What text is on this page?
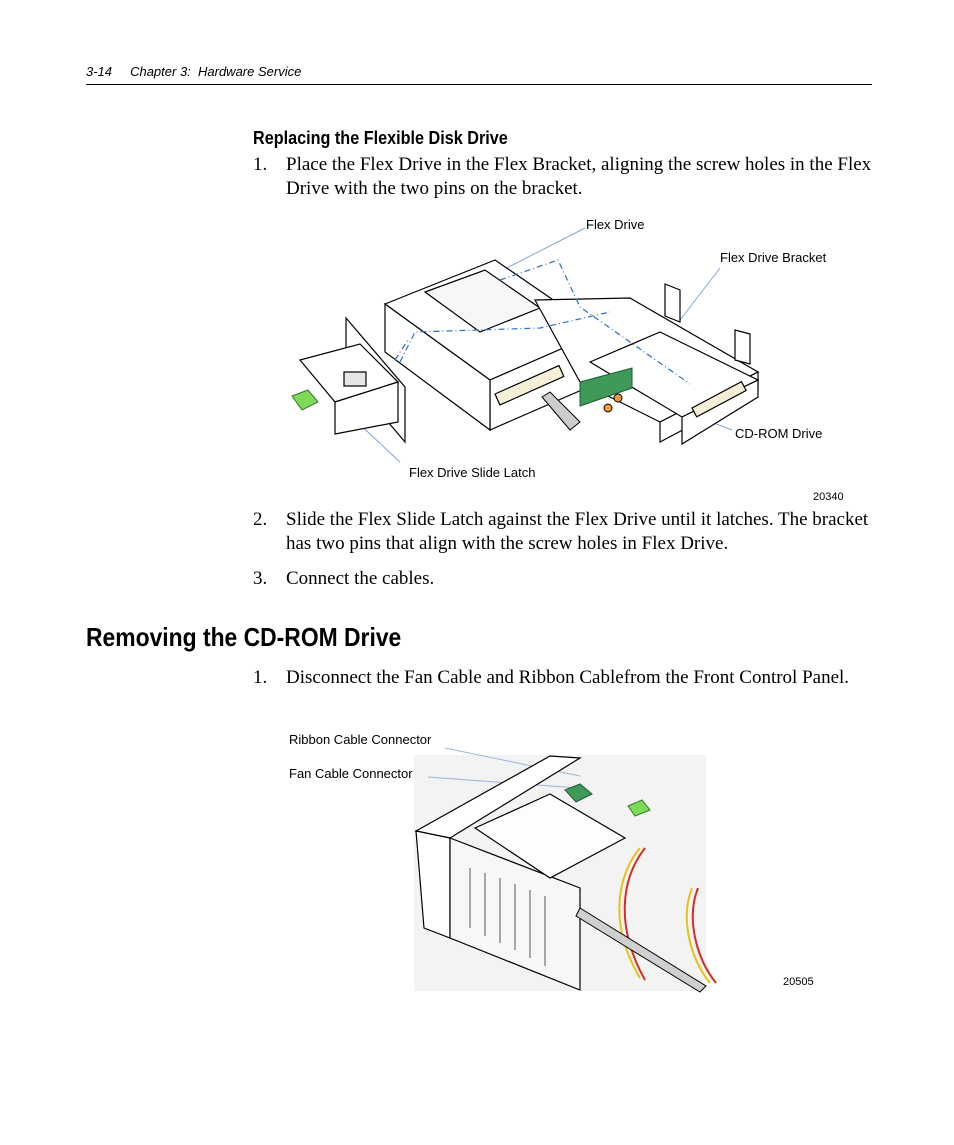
3-14     Chapter 3:  Hardware Service
Replacing the Flexible Disk Drive
1. Place the Flex Drive in the Flex Bracket, aligning the screw holes in the Flex Drive with the two pins on the bracket.
Flex Drive
Flex Drive Bracket
CD-ROM Drive
Flex Drive Slide Latch
20340
2. Slide the Flex Slide Latch against the Flex Drive until it latches. The bracket has two pins that align with the screw holes in Flex Drive.
3. Connect the cables.
Removing the CD-ROM Drive
1. Disconnect the Fan Cable and Ribbon Cablefrom the Front Control Panel.
Ribbon Cable Connector
Fan Cable Connector
20505
